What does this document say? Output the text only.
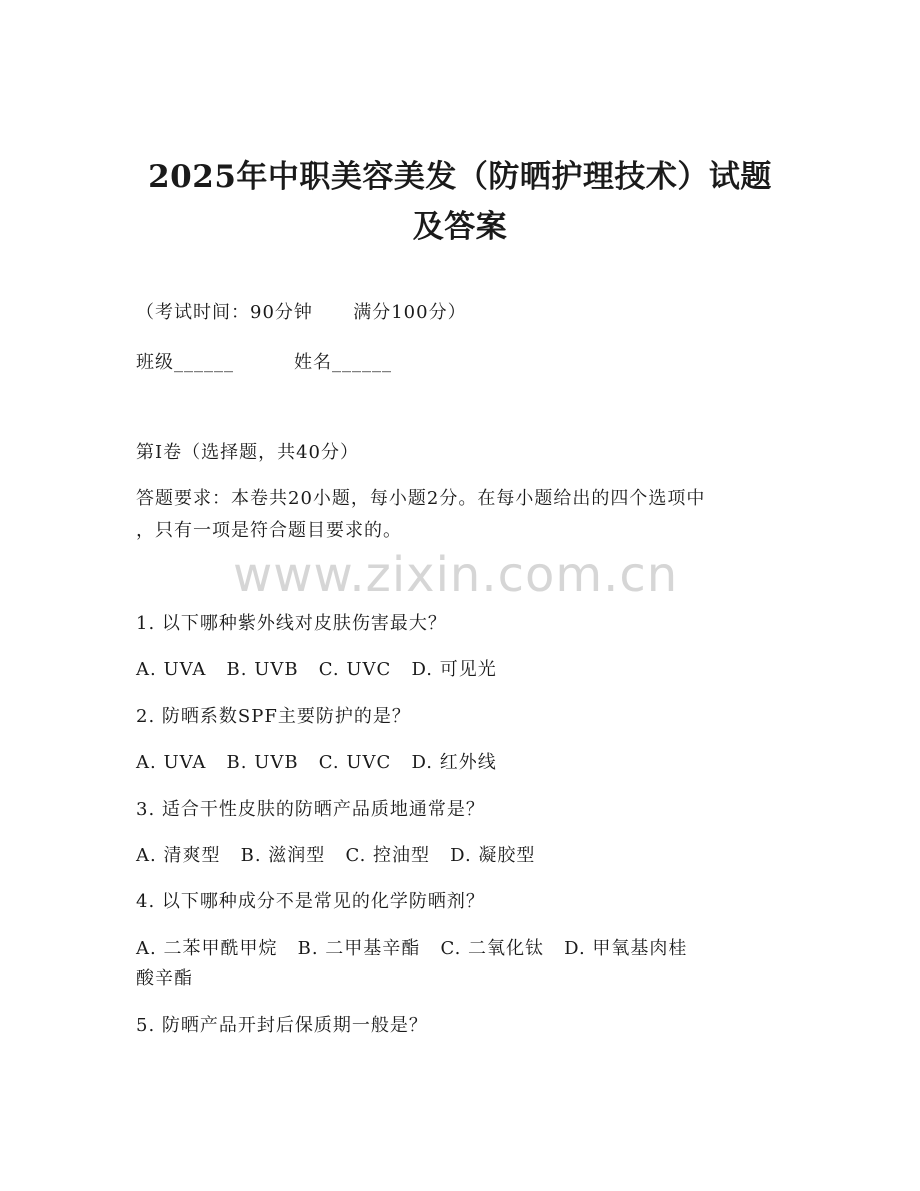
2025年中职美容美发（防晒护理技术）试题
及答案
（考试时间：90分钟      满分100分）
班级______	姓名______
第I卷（选择题，共40分）
答题要求：本卷共20小题，每小题2分。在每小题给出的四个选项中
，只有一项是符合题目要求的。
www.zixin.com.cn
1. 以下哪种紫外线对皮肤伤害最大？
A. UVA   B. UVB   C. UVC   D. 可见光
2. 防晒系数SPF主要防护的是？
A. UVA   B. UVB   C. UVC   D. 红外线
3. 适合干性皮肤的防晒产品质地通常是？
A. 清爽型   B. 滋润型   C. 控油型   D. 凝胶型
4. 以下哪种成分不是常见的化学防晒剂？
A. 二苯甲酰甲烷   B. 二甲基辛酯   C. 二氧化钛   D. 甲氧基肉桂
酸辛酯
5. 防晒产品开封后保质期一般是？
